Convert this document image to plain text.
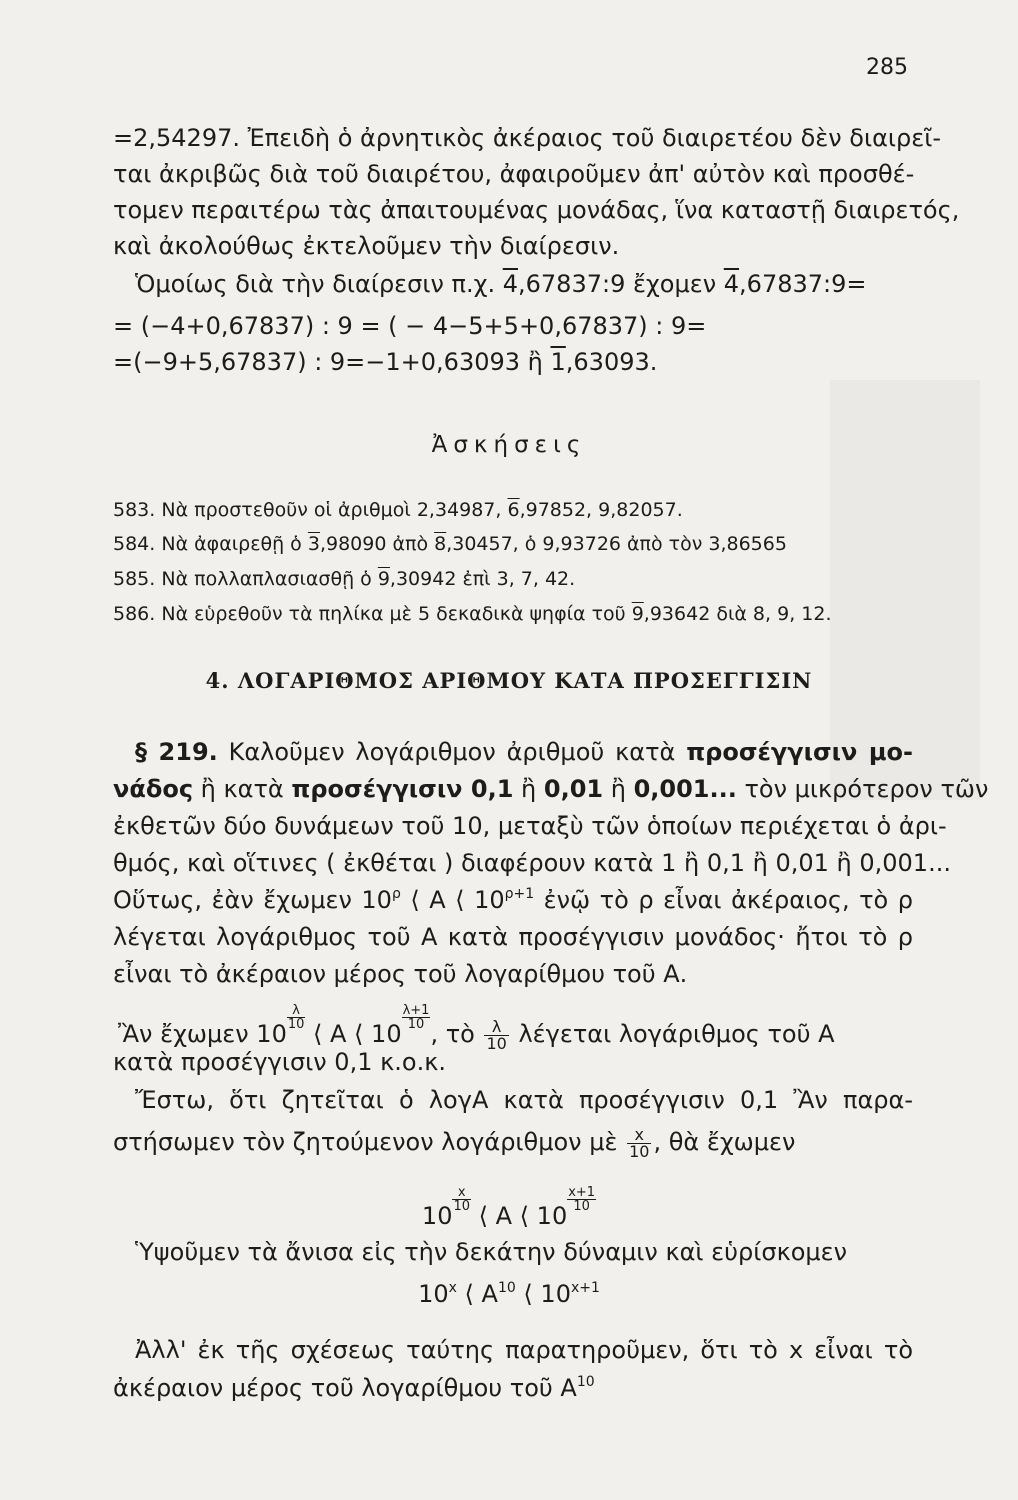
285
=2,54297. Ἐπειδὴ ὁ ἀρνητικὸς ἀκέραιος τοῦ διαιρετέου δὲν διαιρεῖ-
ται ἀκριβῶς διὰ τοῦ διαιρέτου, ἀφαιροῦμεν ἀπ' αὐτὸν καὶ προσθέ-
τομεν περαιτέρω τὰς ἀπαιτουμένας μονάδας, ἵνα καταστῇ διαιρετός,
καὶ ἀκολούθως ἐκτελοῦμεν τὴν διαίρεσιν.
Ὁμοίως διὰ τὴν διαίρεσιν π.χ. 4,67837:9 ἔχομεν 4,67837:9=
= (−4+0,67837) : 9 = ( − 4−5+5+0,67837) : 9=
=(−9+5,67837) : 9=−1+0,63093 ἢ 1,63093.
Ἀσκήσεις
583. Νὰ προστεθοῦν οἱ ἀριθμοὶ 2,34987, 6,97852, 9,82057.
584. Νὰ ἀφαιρεθῇ ὁ 3,98090 ἀπὸ 8,30457, ὁ 9,93726 ἀπὸ τὸν 3,86565
585. Νὰ πολλαπλασιασθῇ ὁ 9,30942 ἐπὶ 3, 7, 42.
586. Νὰ εὑρεθοῦν τὰ πηλίκα μὲ 5 δεκαδικὰ ψηφία τοῦ 9,93642 διὰ 8, 9, 12.
4. ΛΟΓΑΡΙΘΜΟΣ ΑΡΙΘΜΟΥ ΚΑΤΑ ΠΡΟΣΕΓΓΙΣΙΝ
§ 219. Καλοῦμεν λογάριθμον ἀριθμοῦ κατὰ προσέγγισιν μο-
νάδος ἢ κατὰ προσέγγισιν 0,1 ἢ 0,01 ἢ 0,001... τὸν μικρότερον τῶν
ἐκθετῶν δύο δυνάμεων τοῦ 10, μεταξὺ τῶν ὁποίων περιέχεται ὁ ἀρι-
θμός, καὶ οἵτινες ( ἐκθέται ) διαφέρουν κατὰ 1 ἢ 0,1 ἢ 0,01 ἢ 0,001...
Οὕτως, ἐὰν ἔχωμεν $10^\rho$ ⟨ Α ⟨ $10^{\rho+1}$ ἐνῷ τὸ ρ εἶναι ἀκέραιος, τὸ ρ
λέγεται λογάριθμος τοῦ Α κατὰ προσέγγισιν μονάδος· ἤτοι τὸ ρ
εἶναι τὸ ἀκέραιον μέρος τοῦ λογαρίθμου τοῦ Α.
Ἂν ἔχωμεν 10
$\frac{\lambda}{10}$
⟨ Α ⟨ 10
$\frac{\lambda+1}{10}$
, τὸ $\frac{\lambda}{10}$ λέγεται λογάριθμος τοῦ Α
κατὰ προσέγγισιν 0,1 κ.ο.κ.
Ἔστω, ὅτι ζητεῖται ὁ λογΑ κατὰ προσέγγισιν 0,1 Ἂν παρα-
στήσωμεν τὸν ζητούμενον λογάριθμον μὲ $\frac{x}{10}$ , θὰ ἔχωμεν
10
$\frac{x}{10}$
⟨ Α ⟨ 10
$\frac{x+1}{10}$
Ὑψοῦμεν τὰ ἄνισα εἰς τὴν δεκάτην δύναμιν καὶ εὑρίσκομεν
10$^x$ ⟨ $A^{10}$ ⟨ $10^{x+1}$
Ἀλλ' ἐκ τῆς σχέσεως ταύτης παρατηροῦμεν, ὅτι τὸ x εἶναι τὸ
ἀκέραιον μέρος τοῦ λογαρίθμου τοῦ $A^{10}$
